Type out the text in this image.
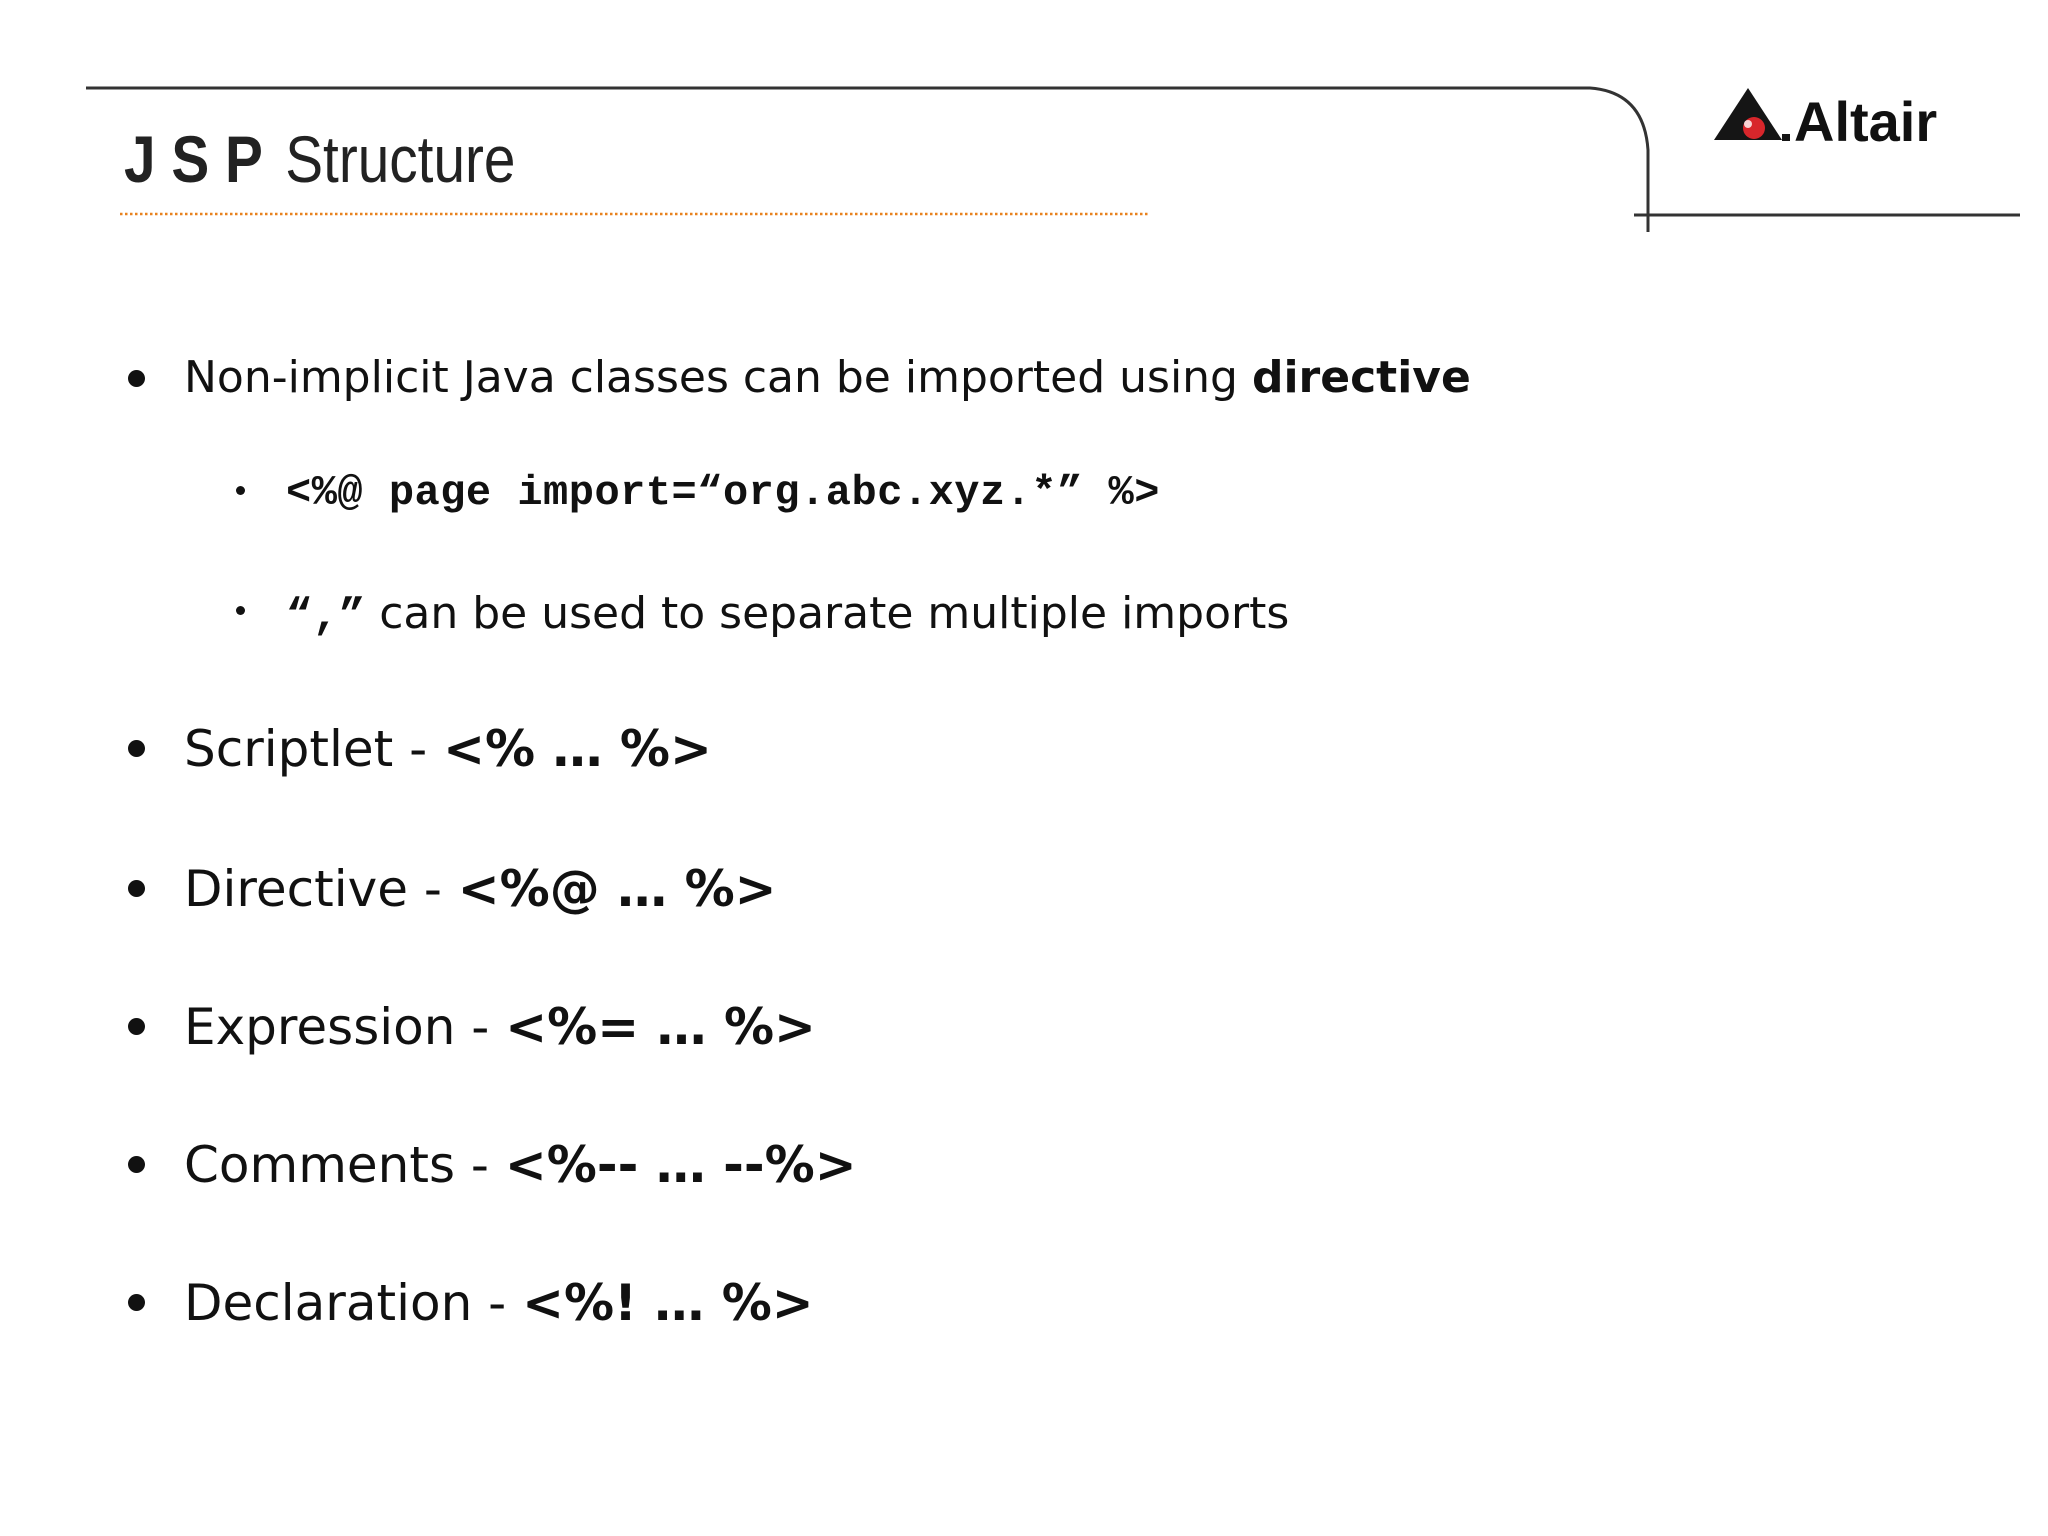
J S P Structure
Altair
Non-implicit Java classes can be imported using directive
<%@ page import=“org.abc.xyz.*” %>
“,” can be used to separate multiple imports
Scriptlet - <% … %>
Directive - <%@ … %>
Expression - <%= … %>
Comments - <%-- … --%>
Declaration - <%! … %>
